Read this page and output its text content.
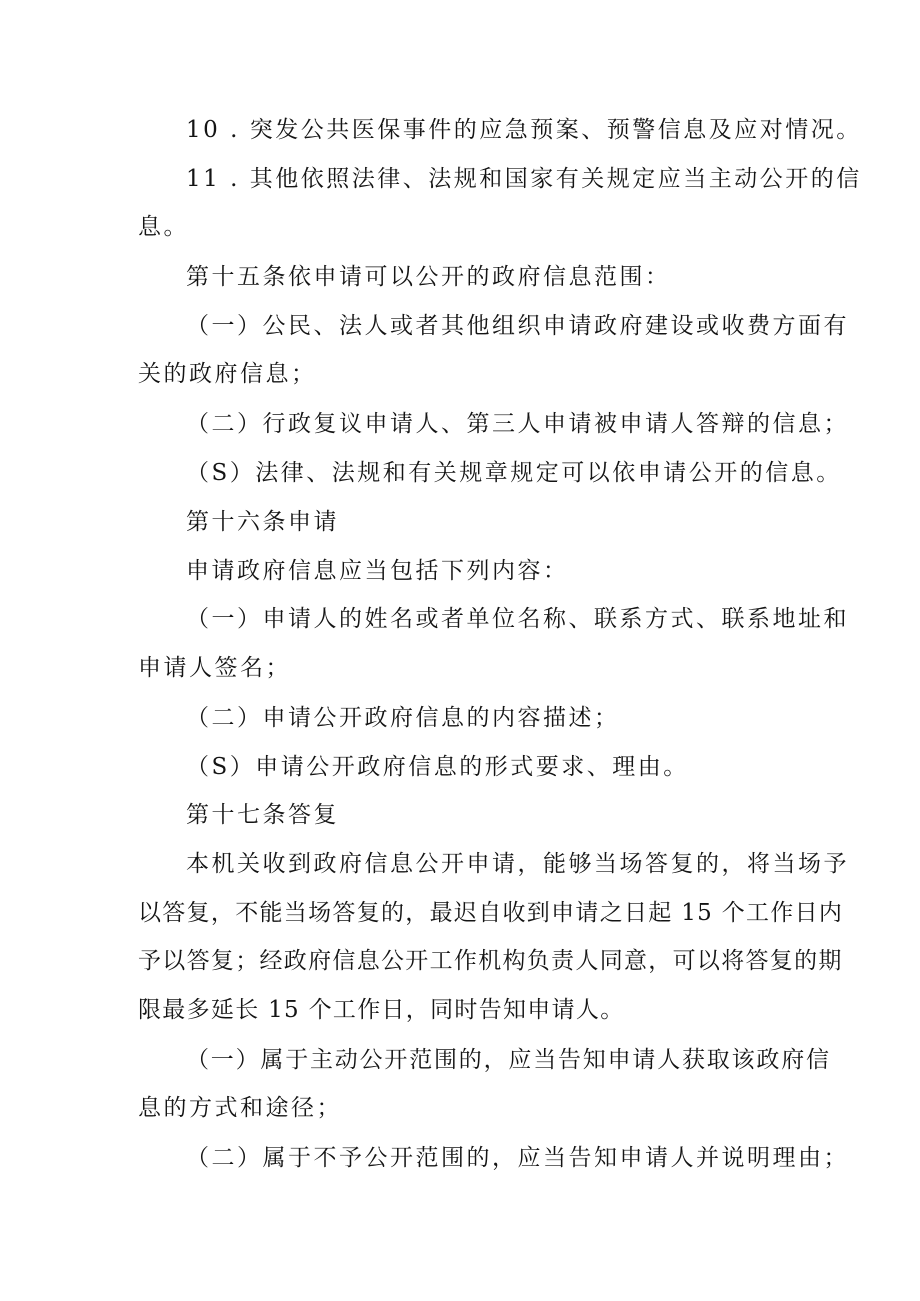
10 . 突发公共医保事件的应急预案、预警信息及应对情况。

11 . 其他依照法律、法规和国家有关规定应当主动公开的信

息。

第十五条依申请可以公开的政府信息范围：

（一）公民、法人或者其他组织申请政府建设或收费方面有

关的政府信息；

（二）行政复议申请人、第三人申请被申请人答辩的信息；

（S）法律、法规和有关规章规定可以依申请公开的信息。

第十六条申请

申请政府信息应当包括下列内容：

（一）申请人的姓名或者单位名称、联系方式、联系地址和

申请人签名；

（二）申请公开政府信息的内容描述；

（S）申请公开政府信息的形式要求、理由。

第十七条答复

本机关收到政府信息公开申请，能够当场答复的，将当场予

以答复，不能当场答复的，最迟自收到申请之日起 15 个工作日内

予以答复；经政府信息公开工作机构负责人同意，可以将答复的期

限最多延长 15 个工作日，同时告知申请人。

（一）属于主动公开范围的，应当告知申请人获取该政府信

息的方式和途径；

（二）属于不予公开范围的，应当告知申请人并说明理由；
